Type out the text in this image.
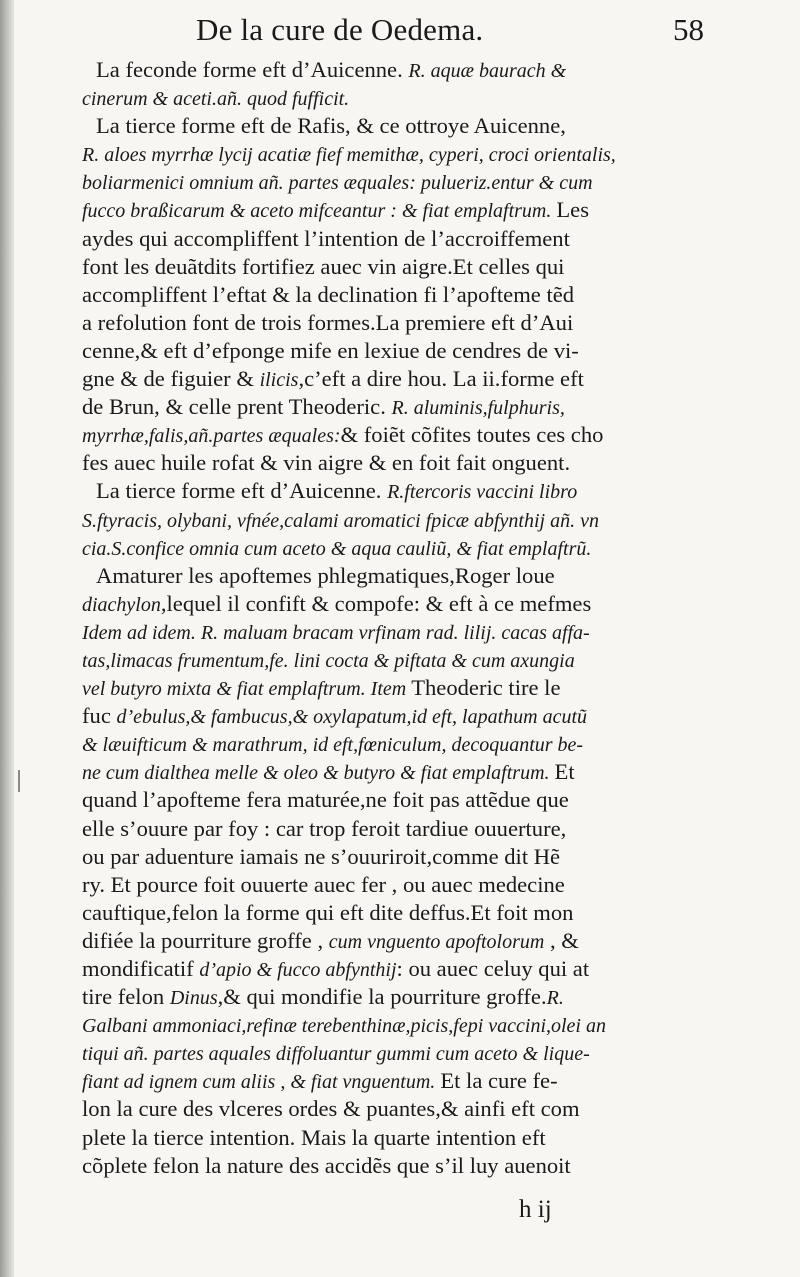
De la cure de Oedema.	58
La feconde forme eft d’Auicenne. R. aquæ baurach &
cinerum & aceti.añ. quod fufficit.
La tierce forme eft de Rafis, & ce ottroye Auicenne,
R. aloes myrrhæ lycij acatiæ fief memithæ, cyperi, croci orientalis,
boliarmenici omnium añ. partes æquales: pulueriz.entur & cum
fucco braßicarum & aceto mifceantur : & fiat emplaftrum. Les
aydes qui accompliffent l’intention de l’accroiffement
font les deuãtdits fortifiez auec vin aigre.Et celles qui
accompliffent l’eftat & la declination fi l’apofteme tẽd
a refolution font de trois formes.La premiere eft d’Aui
cenne,& eft d’efponge mife en lexiue de cendres de vi-
gne & de figuier & ilicis,c’eft a dire hou. La ii.forme eft
de Brun, & celle prent Theoderic. R. aluminis,fulphuris,
myrrhæ,falis,añ.partes æquales:& foiẽt cõfites toutes ces cho
fes auec huile rofat & vin aigre & en foit fait onguent.
La tierce forme eft d’Auicenne. R.ftercoris vaccini libro
S.ftyracis, olybani, vfnée,calami aromatici fpicæ abfynthij añ. vn
cia.S.confice omnia cum aceto & aqua cauliũ, & fiat emplaftrũ.
Amaturer les apoftemes phlegmatiques,Roger loue
diachylon,lequel il confift & compofe: & eft à ce mefmes
Idem ad idem. R. maluam bracam vrfinam rad. lilij. cacas affa-
tas,limacas frumentum,fe. lini cocta & piftata & cum axungia
vel butyro mixta & fiat emplaftrum. Item Theoderic tire le
fuc d’ebulus,& fambucus,& oxylapatum,id eft, lapathum acutũ
& læuifticum & marathrum, id eft,fœniculum, decoquantur be-
ne cum dialthea melle & oleo & butyro & fiat emplaftrum. Et
quand l’apofteme fera maturée,ne foit pas attẽdue que
elle s’ouure par foy : car trop feroit tardiue ouuerture,
ou par aduenture iamais ne s’ouuriroit,comme dit Hẽ
ry. Et pource foit ouuerte auec fer , ou auec medecine
cauftique,felon la forme qui eft dite deffus.Et foit mon
difiée la pourriture groffe , cum vnguento apoftolorum , &
mondificatif d’apio & fucco abfynthij: ou auec celuy qui at
tire felon Dinus,& qui mondifie la pourriture groffe.R.
Galbani ammoniaci,refinæ terebenthinæ,picis,fepi vaccini,olei an
tiqui añ. partes aquales diffoluantur gummi cum aceto & lique-
fiant ad ignem cum aliis , & fiat vnguentum. Et la cure fe-
lon la cure des vlceres ordes & puantes,& ainfi eft com
plete la tierce intention. Mais la quarte intention eft
cõplete felon la nature des accidẽs que s’il luy auenoit
h ij
